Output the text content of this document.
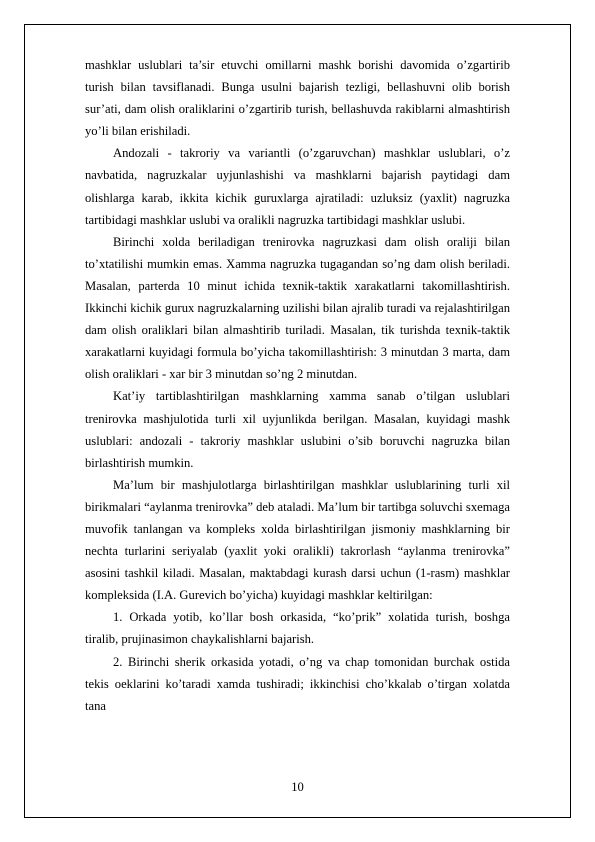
mashklar uslublari ta’sir etuvchi omillarni mashk borishi davomida o’zgartirib turish bilan tavsiflanadi. Bunga usulni bajarish tezligi, bellashuvni olib borish sur’ati, dam olish oraliklarini o’zgartirib turish, bellashuvda rakiblarni almashtirish yo’li bilan erishiladi.

Andozali - takroriy va variantli (o’zgaruvchan) mashklar uslublari, o’z navbatida, nagruzkalar uyjunlashishi va mashklarni bajarish paytidagi dam olishlarga karab, ikkita kichik guruxlarga ajratiladi: uzluksiz (yaxlit) nagruzka tartibidagi mashklar uslubi va oralikli nagruzka tartibidagi mashklar uslubi.

Birinchi xolda beriladigan trenirovka nagruzkasi dam olish oraliji bilan to’xtatilishi mumkin emas. Xamma nagruzka tugagandan so’ng dam olish beriladi. Masalan, parterda 10 minut ichida texnik-taktik xarakatlarni takomillashtirish. Ikkinchi kichik gurux nagruzkalarning uzilishi bilan ajralib turadi va rejalashtirilgan dam olish oraliklari bilan almashtirib turiladi. Masalan, tik turishda texnik-taktik xarakatlarni kuyidagi formula bo’yicha takomillashtirish: 3 minutdan 3 marta, dam olish oraliklari - xar bir 3 minutdan so’ng 2 minutdan.

Kat’iy tartiblashtirilgan mashklarning xamma sanab o’tilgan uslublari trenirovka mashjulotida turli xil uyjunlikda berilgan. Masalan, kuyidagi mashk uslublari: andozali - takroriy mashklar uslubini o’sib boruvchi nagruzka bilan birlashtirish mumkin.

Ma’lum bir mashjulotlarga birlashtirilgan mashklar uslublarining turli xil birikmalari “aylanma trenirovka” deb ataladi. Ma’lum bir tartibga soluvchi sxemaga muvofik tanlangan va kompleks xolda birlashtirilgan jismoniy mashklarning bir nechta turlarini seriyalab (yaxlit yoki oralikli) takrorlash “aylanma trenirovka” asosini tashkil kiladi. Masalan, maktabdagi kurash darsi uchun (1-rasm) mashklar kompleksida (I.A. Gurevich bo’yicha) kuyidagi mashklar keltirilgan:

1. Orkada yotib, ko’llar bosh orkasida, “ko’prik” xolatida turish, boshga tiralib, prujinasimon chaykalishlarni bajarish.

2. Birinchi sherik orkasida yotadi, o’ng va chap tomonidan burchak ostida tekis oeklarini ko’taradi xamda tushiradi; ikkinchisi cho’kkalab o’tirgan xolatda tana

10
